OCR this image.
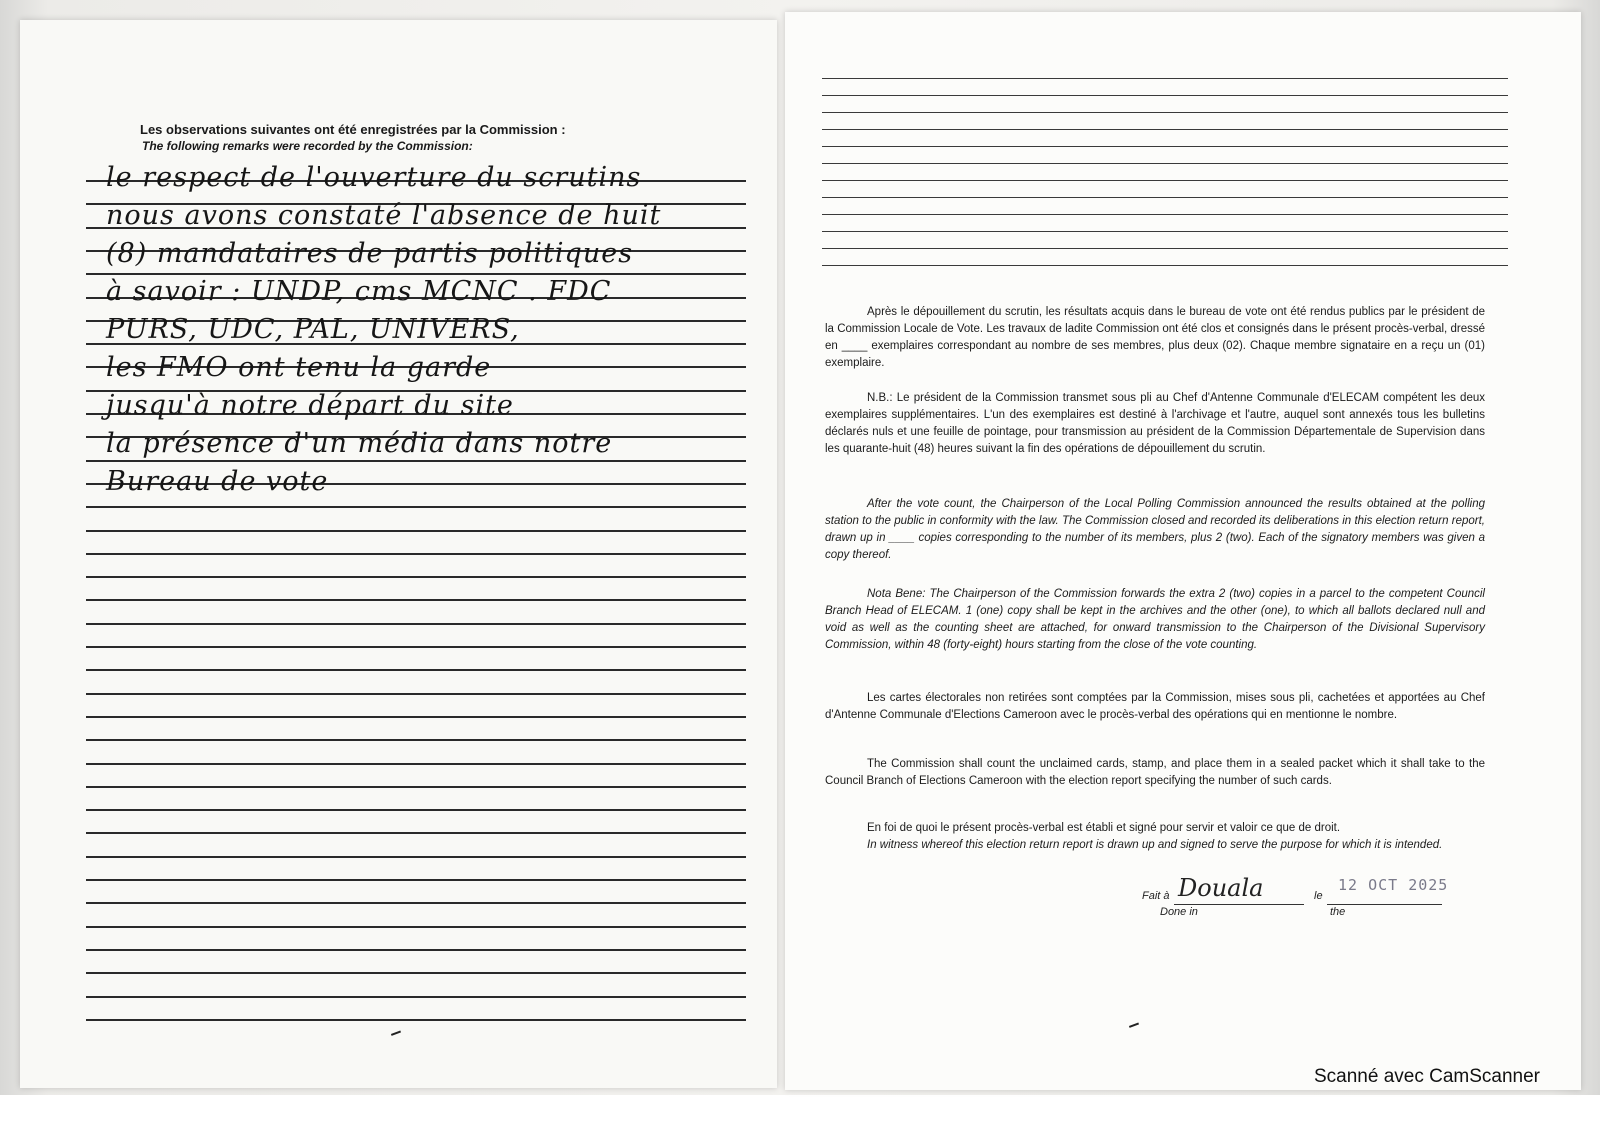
Les observations suivantes ont été enregistrées par la Commission :
The following remarks were recorded by the Commission:
le respect de l'ouverture du scrutins
nous avons constaté l'absence de huit
(8) mandataires de partis politiques
à savoir : UNDP, cms MCNC . FDC
PURS, UDC, PAL, UNIVERS,
les FMO ont tenu la garde
jusqu'à notre départ du site
la présence d'un média dans notre
Bureau de vote
Après le dépouillement du scrutin, les résultats acquis dans le bureau de vote ont été rendus publics par le président de la Commission Locale de Vote. Les travaux de ladite Commission ont été clos et consignés dans le présent procès-verbal, dressé en ____ exemplaires correspondant au nombre de ses membres, plus deux (02). Chaque membre signataire en a reçu un (01) exemplaire.
N.B.: Le président de la Commission transmet sous pli au Chef d'Antenne Communale d'ELECAM compétent les deux exemplaires supplémentaires. L'un des exemplaires est destiné à l'archivage et l'autre, auquel sont annexés tous les bulletins déclarés nuls et une feuille de pointage, pour transmission au président de la Commission Départementale de Supervision dans les quarante-huit (48) heures suivant la fin des opérations de dépouillement du scrutin.
After the vote count, the Chairperson of the Local Polling Commission announced the results obtained at the polling station to the public in conformity with the law. The Commission closed and recorded its deliberations in this election return report, drawn up in ____ copies corresponding to the number of its members, plus 2 (two). Each of the signatory members was given a copy thereof.
Nota Bene: The Chairperson of the Commission forwards the extra 2 (two) copies in a parcel to the competent Council Branch Head of ELECAM. 1 (one) copy shall be kept in the archives and the other (one), to which all ballots declared null and void as well as the counting sheet are attached, for onward transmission to the Chairperson of the Divisional Supervisory Commission, within 48 (forty-eight) hours starting from the close of the vote counting.
Les cartes électorales non retirées sont comptées par la Commission, mises sous pli, cachetées et apportées au Chef d'Antenne Communale d'Elections Cameroon avec le procès-verbal des opérations qui en mentionne le nombre.
The Commission shall count the unclaimed cards, stamp, and place them in a sealed packet which it shall take to the Council Branch of Elections Cameroon with the election report specifying the number of such cards.
En foi de quoi le présent procès-verbal est établi et signé pour servir et valoir ce que de droit.
In witness whereof this election return report is drawn up and signed to serve the purpose for which it is intended.
Fait à Douala
Done in
le
12 OCT 2025
the
Scanné avec CamScanner
